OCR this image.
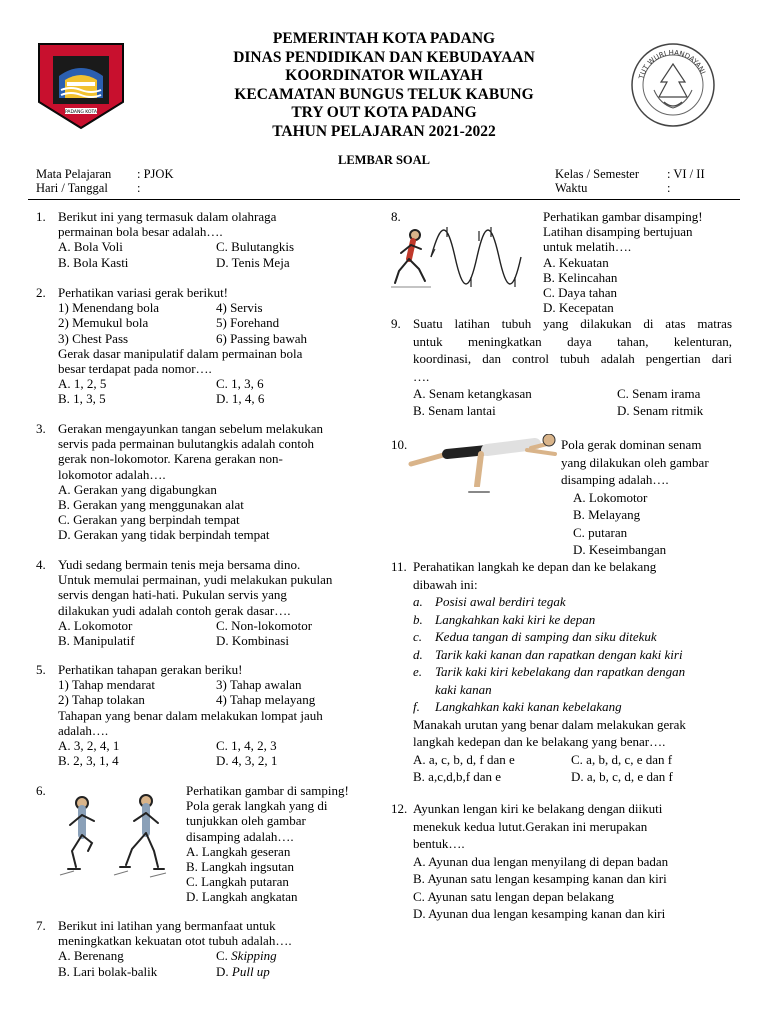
PADANG KOTA
PEMERINTAH KOTA PADANG
DINAS PENDIDIKAN DAN KEBUDAYAAN
KOORDINATOR WILAYAH
KECAMATAN BUNGUS TELUK KABUNG
TRY OUT KOTA PADANG
TAHUN PELAJARAN 2021-2022
TUT WURI HANDAYANI
LEMBAR SOAL
Mata Pelajaran : PJOK
Hari / Tanggal :
Kelas / Semester : VI / II
Waktu	:
1. Berikut ini yang termasuk dalam olahraga
permainan bola besar adalah….
A. Bola Voli	C. Bulutangkis
B. Bola Kasti	D. Tenis Meja
2. Perhatikan variasi gerak berikut!
1) Menendang bola	4) Servis
2) Memukul bola	5) Forehand
3) Chest Pass	6) Passing bawah
Gerak dasar manipulatif dalam permainan bola
besar terdapat pada nomor….
A. 1, 2, 5	C. 1, 3, 6
B. 1, 3, 5	D. 1, 4, 6
3. Gerakan mengayunkan tangan sebelum melakukan
servis pada permainan bulutangkis adalah contoh
gerak non-lokomotor. Karena gerakan non-
lokomotor adalah….
A. Gerakan yang digabungkan
B. Gerakan yang menggunakan alat
C. Gerakan yang berpindah tempat
D. Gerakan yang tidak berpindah tempat
4. Yudi sedang bermain tenis meja bersama dino.
Untuk memulai permainan, yudi melakukan pukulan
servis dengan hati-hati. Pukulan servis yang
dilakukan yudi adalah contoh gerak dasar….
A. Lokomotor	C. Non-lokomotor
B. Manipulatif	D. Kombinasi
5. Perhatikan tahapan gerakan beriku!
1) Tahap mendarat	3) Tahap awalan
2) Tahap tolakan	4) Tahap melayang
Tahapan yang benar dalam melakukan lompat jauh
adalah….
A. 3, 2, 4, 1	C. 1, 4, 2, 3
B. 2, 3, 1, 4	D. 4, 3, 2, 1
6.	Perhatikan gambar di samping!
Pola gerak langkah yang di
tunjukkan oleh gambar
disamping adalah….
A. Langkah geseran
B. Langkah ingsutan
C. Langkah putaran
D. Langkah angkatan
7. Berikut ini latihan yang bermanfaat untuk
meningkatkan kekuatan otot tubuh adalah….
A. Berenang	C. Skipping
B. Lari bolak-balik	D. Pull up
8.	Perhatikan gambar disamping!
Latihan disamping bertujuan
untuk melatih….
A. Kekuatan
B. Kelincahan
C. Daya tahan
D. Kecepatan
9. Suatu latihan tubuh yang dilakukan di atas matras
untuk meningkatkan daya tahan, kelenturan,
koordinasi, dan control tubuh adalah pengertian dari
….
A. Senam ketangkasan	C. Senam irama
B. Senam lantai	D. Senam ritmik
10.	Pola gerak dominan senam
yang dilakukan oleh gambar
disamping adalah….
A. Lokomotor
B. Melayang
C. putaran
D. Keseimbangan
11. Perahatikan langkah ke depan dan ke belakang
dibawah ini:
a. Posisi awal berdiri tegak
b. Langkahkan kaki kiri ke depan
c. Kedua tangan di samping dan siku ditekuk
d. Tarik kaki kanan dan rapatkan dengan kaki kiri
e. Tarik kaki kiri kebelakang dan rapatkan dengan
kaki kanan
f. Langkahkan kaki kanan kebelakang
Manakah urutan yang benar dalam melakukan gerak
langkah kedepan dan ke belakang yang benar….
A. a, c, b, d, f dan e	C. a, b, d, c, e dan f
B. a,c,d,b,f dan e	D. a, b, c, d, e dan f
12. Ayunkan lengan kiri ke belakang dengan diikuti
menekuk kedua lutut.Gerakan ini merupakan
bentuk….
A. Ayunan dua lengan menyilang di depan badan
B. Ayunan satu lengan kesamping kanan dan kiri
C. Ayunan satu lengan depan belakang
D. Ayunan dua lengan kesamping kanan dan kiri
